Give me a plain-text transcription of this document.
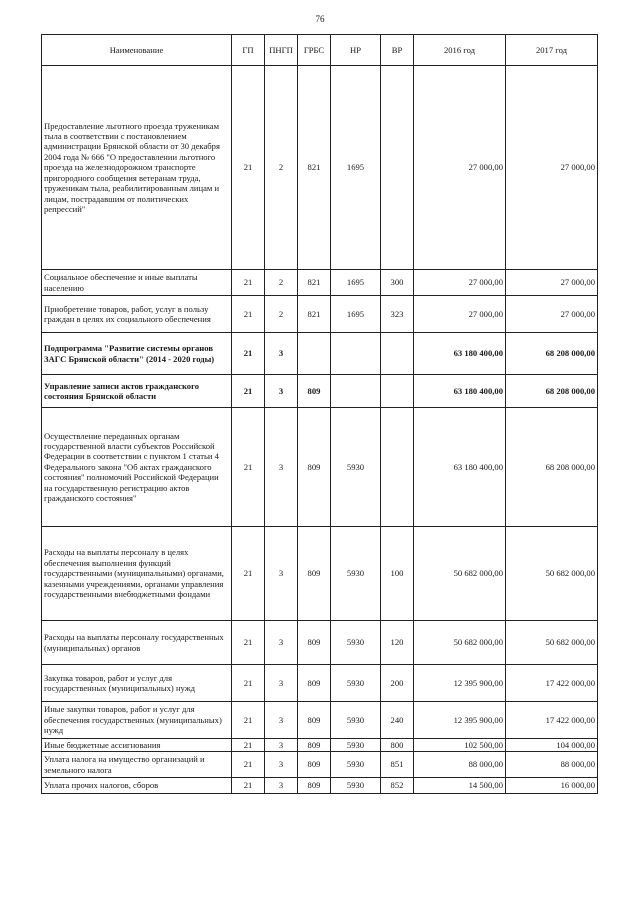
76
Наименование	ГП	ПНГП	ГРБС	НР	ВР	2016 год	2017 год
Предоставление льготного проезда труженикам тыла в соответствии с постановлением администрации Брянской области от 30 декабря 2004 года № 666 "О предоставлении льготного проезда на железнодорожном транспорте пригородного сообщения ветеранам труда, труженикам тыла, реабилитированным лицам и лицам, пострадавшим от политических репрессий"	21	2	821	1695		27 000,00	27 000,00
Социальное обеспечение и иные выплаты населению	21	2	821	1695	300	27 000,00	27 000,00
Приобретение товаров, работ, услуг в пользу граждан в целях их социального обеспечения	21	2	821	1695	323	27 000,00	27 000,00
Подпрограмма "Развитие системы органов ЗАГС Брянской области" (2014 - 2020 годы)	21	3				63 180 400,00	68 208 000,00
Управление записи актов гражданского состояния Брянской области	21	3	809			63 180 400,00	68 208 000,00
Осуществление переданных органам государственной власти субъектов Российской Федерации в соответствии с пунктом 1 статьи 4 Федерального закона "Об актах гражданского состояния" полномочий Российской Федерации на государственную регистрацию актов гражданского состояния"	21	3	809	5930		63 180 400,00	68 208 000,00
Расходы на выплаты персоналу в целях обеспечения выполнения функций государственными (муниципальными) органами, казенными учреждениями, органами управления государственными внебюджетными фондами	21	3	809	5930	100	50 682 000,00	50 682 000,00
Расходы на выплаты персоналу государственных (муниципальных) органов	21	3	809	5930	120	50 682 000,00	50 682 000,00
Закупка товаров, работ и услуг для государственных (муниципальных) нужд	21	3	809	5930	200	12 395 900,00	17 422 000,00
Иные закупки товаров, работ и услуг для обеспечения государственных (муниципальных) нужд	21	3	809	5930	240	12 395 900,00	17 422 000,00
Иные бюджетные ассигнования	21	3	809	5930	800	102 500,00	104 000,00
Уплата налога на имущество организаций и земельного налога	21	3	809	5930	851	88 000,00	88 000,00
Уплата прочих налогов, сборов	21	3	809	5930	852	14 500,00	16 000,00
